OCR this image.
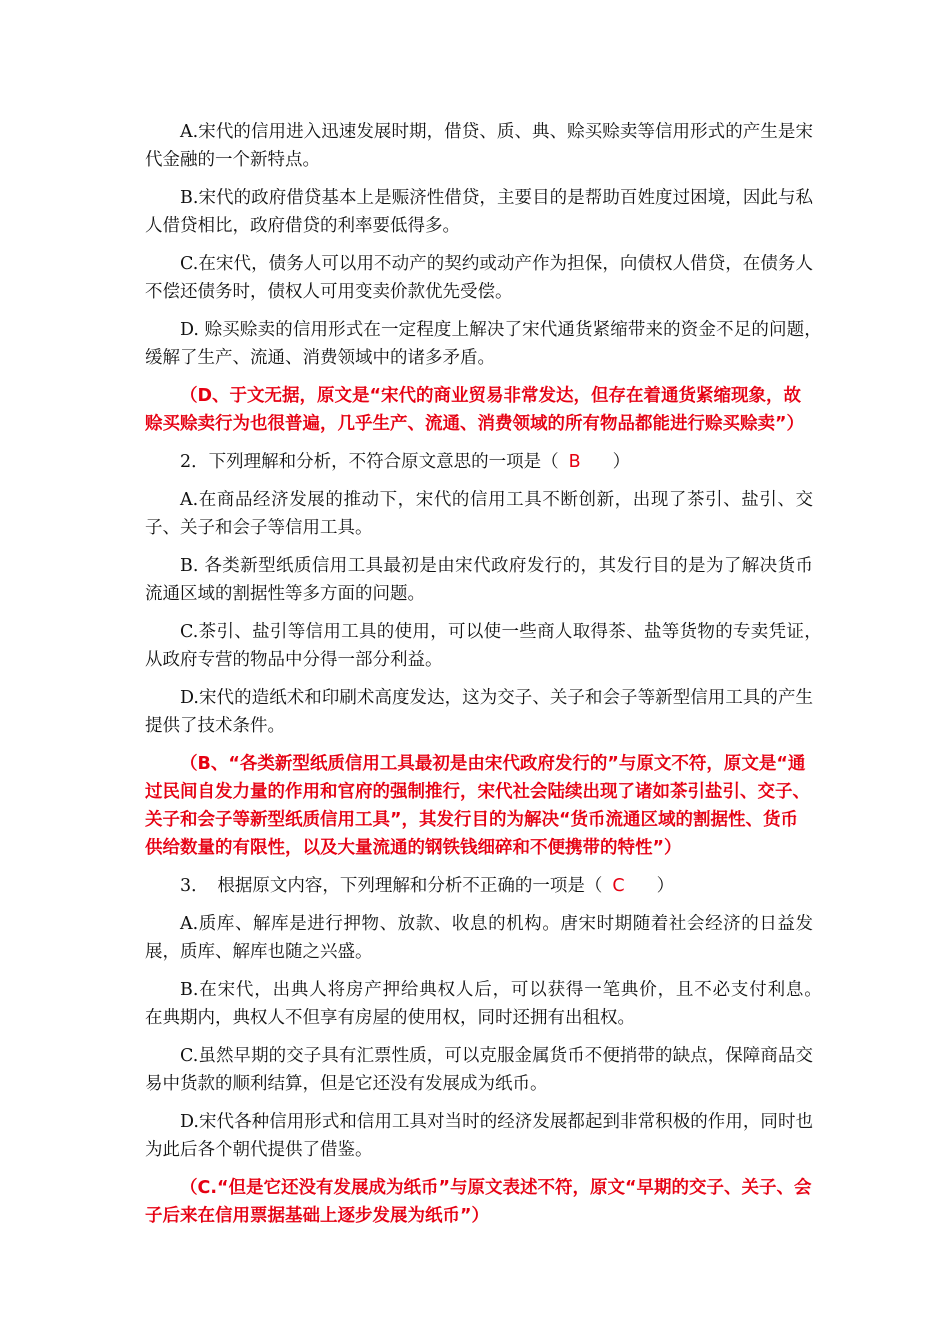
A.宋代的信用进入迅速发展时期，借贷、质、典、赊买赊卖等信用形式的产生是宋代金融的一个新特点。

B.宋代的政府借贷基本上是赈济性借贷，主要目的是帮助百姓度过困境，因此与私　人借贷相比，政府借贷的利率要低得多。

C.在宋代，债务人可以用不动产的契约或动产作为担保，向债权人借贷，在债务人　不偿还债务时，债权人可用变卖价款优先受偿。

D. 赊买赊卖的信用形式在一定程度上解决了宋代通货紧缩带来的资金不足的问题，　缓解了生产、流通、消费领域中的诸多矛盾。

（D、于文无据，原文是“宋代的商业贸易非常发达，但存在着通货紧缩现象，故赊买赊卖行为也很普遍，几乎生产、流通、消费领域的所有物品都能进行赊买赊卖”）

2．下列理解和分析，不符合原文意思的一项是（ B ）

A.在商品经济发展的推动下，宋代的信用工具不断创新，出现了茶引、盐引、交子、关子和会子等信用工具。

B. 各类新型纸质信用工具最初是由宋代政府发行的，其发行目的是为了解决货币流通区域的割据性等多方面的问题。

C.茶引、盐引等信用工具的使用，可以使一些商人取得茶、盐等货物的专卖凭证，　从政府专营的物品中分得一部分利益。

D.宋代的造纸术和印刷术高度发达，这为交子、关子和会子等新型信用工具的产生提供了技术条件。

（B、“各类新型纸质信用工具最初是由宋代政府发行的”与原文不符，原文是“通过民间自发力量的作用和官府的强制推行，宋代社会陆续出现了诸如茶引盐引、交子、关子和会子等新型纸质信用工具”，其发行目的为解决“货币流通区域的割据性、货币供给数量的有限性，以及大量流通的钢铁钱细碎和不便携带的特性”）

3．　根据原文内容，下列理解和分析不正确的一项是（ C ）

A.质库、解库是进行押物、放款、收息的机构。唐宋时期随着社会经济的日益发展，质库、解库也随之兴盛。

B.在宋代，出典人将房产押给典权人后，可以获得一笔典价，且不必支付利息。　在典期内，典权人不但享有房屋的使用权，同时还拥有出租权。

C.虽然早期的交子具有汇票性质，可以克服金属货币不便捎带的缺点，保障商品交易中货款的顺利结算，但是它还没有发展成为纸币。

D.宋代各种信用形式和信用工具对当时的经济发展都起到非常积极的作用，同时也为此后各个朝代提供了借鉴。

（C.“但是它还没有发展成为纸币”与原文表述不符，原文“早期的交子、关子、会子后来在信用票据基础上逐步发展为纸币”）
